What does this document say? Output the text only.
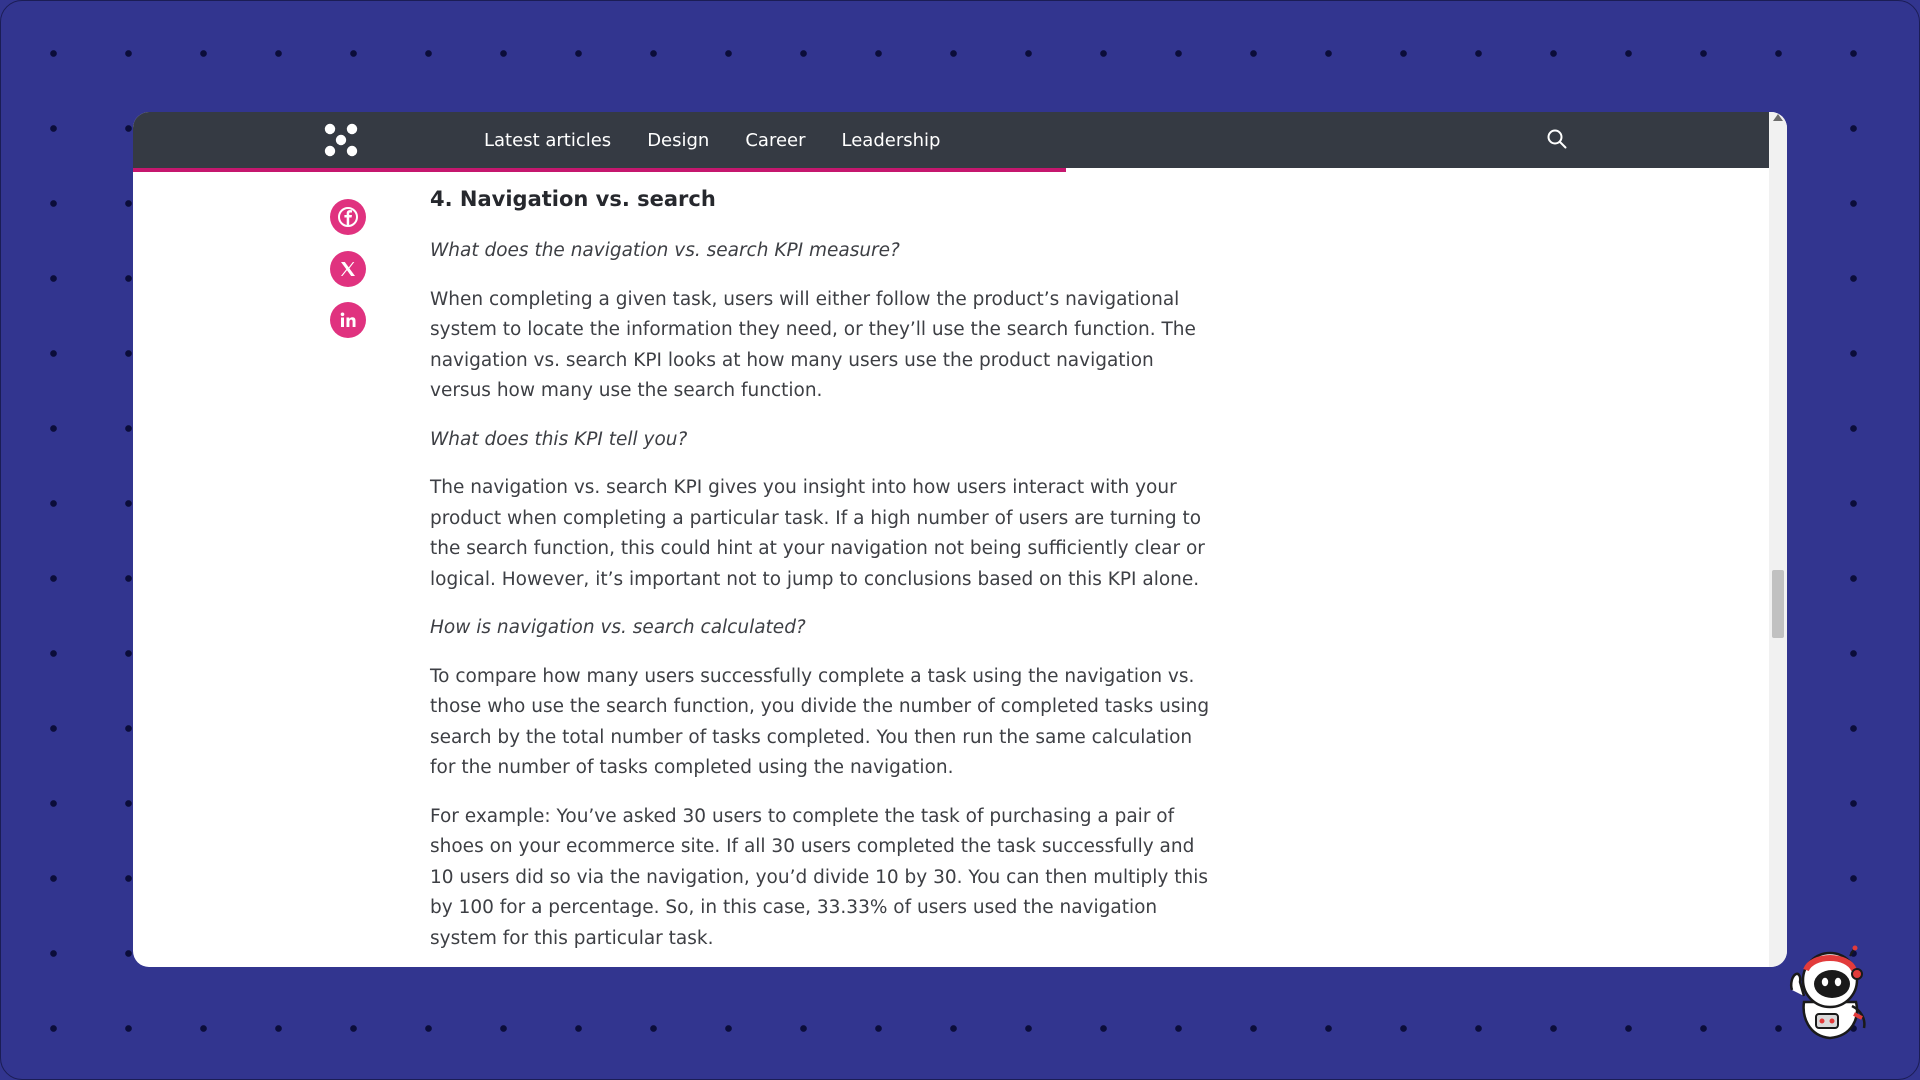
Latest articles Design Career Leadership
4. Navigation vs. search

What does the navigation vs. search KPI measure?

When completing a given task, users will either follow the product’s navigational system to locate the information they need, or they’ll use the search function. The navigation vs. search KPI looks at how many users use the product navigation versus how many use the search function.

What does this KPI tell you?

The navigation vs. search KPI gives you insight into how users interact with your product when completing a particular task. If a high number of users are turning to the search function, this could hint at your navigation not being sufficiently clear or logical. However, it’s important not to jump to conclusions based on this KPI alone.

How is navigation vs. search calculated?

To compare how many users successfully complete a task using the navigation vs. those who use the search function, you divide the number of completed tasks using search by the total number of tasks completed. You then run the same calculation for the number of tasks completed using the navigation.

For example: You’ve asked 30 users to complete the task of purchasing a pair of shoes on your ecommerce site. If all 30 users completed the task successfully and 10 users did so via the navigation, you’d divide 10 by 30. You can then multiply this by 100 for a percentage. So, in this case, 33.33% of users used the navigation system for this particular task.
